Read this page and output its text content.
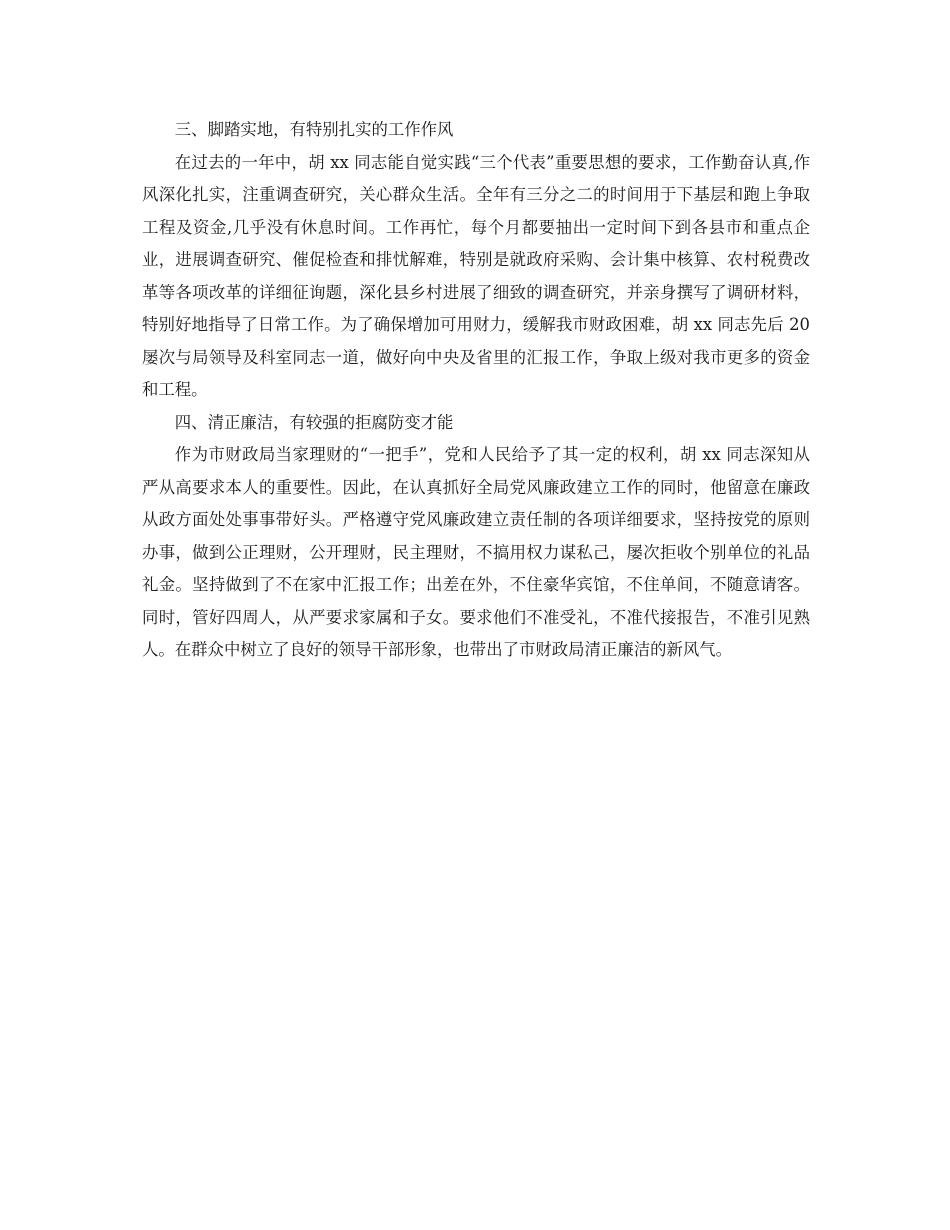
三、脚踏实地，有特别扎实的工作作风

在过去的一年中，胡 xx 同志能自觉实践“三个代表”重要思想的要求，工作勤奋认真,作风深化扎实，注重调查研究，关心群众生活。全年有三分之二的时间用于下基层和跑上争取工程及资金,几乎没有休息时间。工作再忙，每个月都要抽出一定时间下到各县市和重点企业，进展调查研究、催促检查和排忧解难，特别是就政府采购、会计集中核算、农村税费改革等各项改革的详细征询题，深化县乡村进展了细致的调查研究，并亲身撰写了调研材料，特别好地指导了日常工作。为了确保增加可用财力，缓解我市财政困难，胡 xx 同志先后 20 屡次与局领导及科室同志一道，做好向中央及省里的汇报工作，争取上级对我市更多的资金和工程。

四、清正廉洁，有较强的拒腐防变才能

作为市财政局当家理财的“一把手”，党和人民给予了其一定的权利，胡 xx 同志深知从严从高要求本人的重要性。因此，在认真抓好全局党风廉政建立工作的同时，他留意在廉政从政方面处处事事带好头。严格遵守党风廉政建立责任制的各项详细要求，坚持按党的原则办事，做到公正理财，公开理财，民主理财，不搞用权力谋私己，屡次拒收个别单位的礼品礼金。坚持做到了不在家中汇报工作；出差在外，不住豪华宾馆，不住单间，不随意请客。同时，管好四周人，从严要求家属和子女。要求他们不准受礼，不准代接报告，不准引见熟人。在群众中树立了良好的领导干部形象，也带出了市财政局清正廉洁的新风气。
